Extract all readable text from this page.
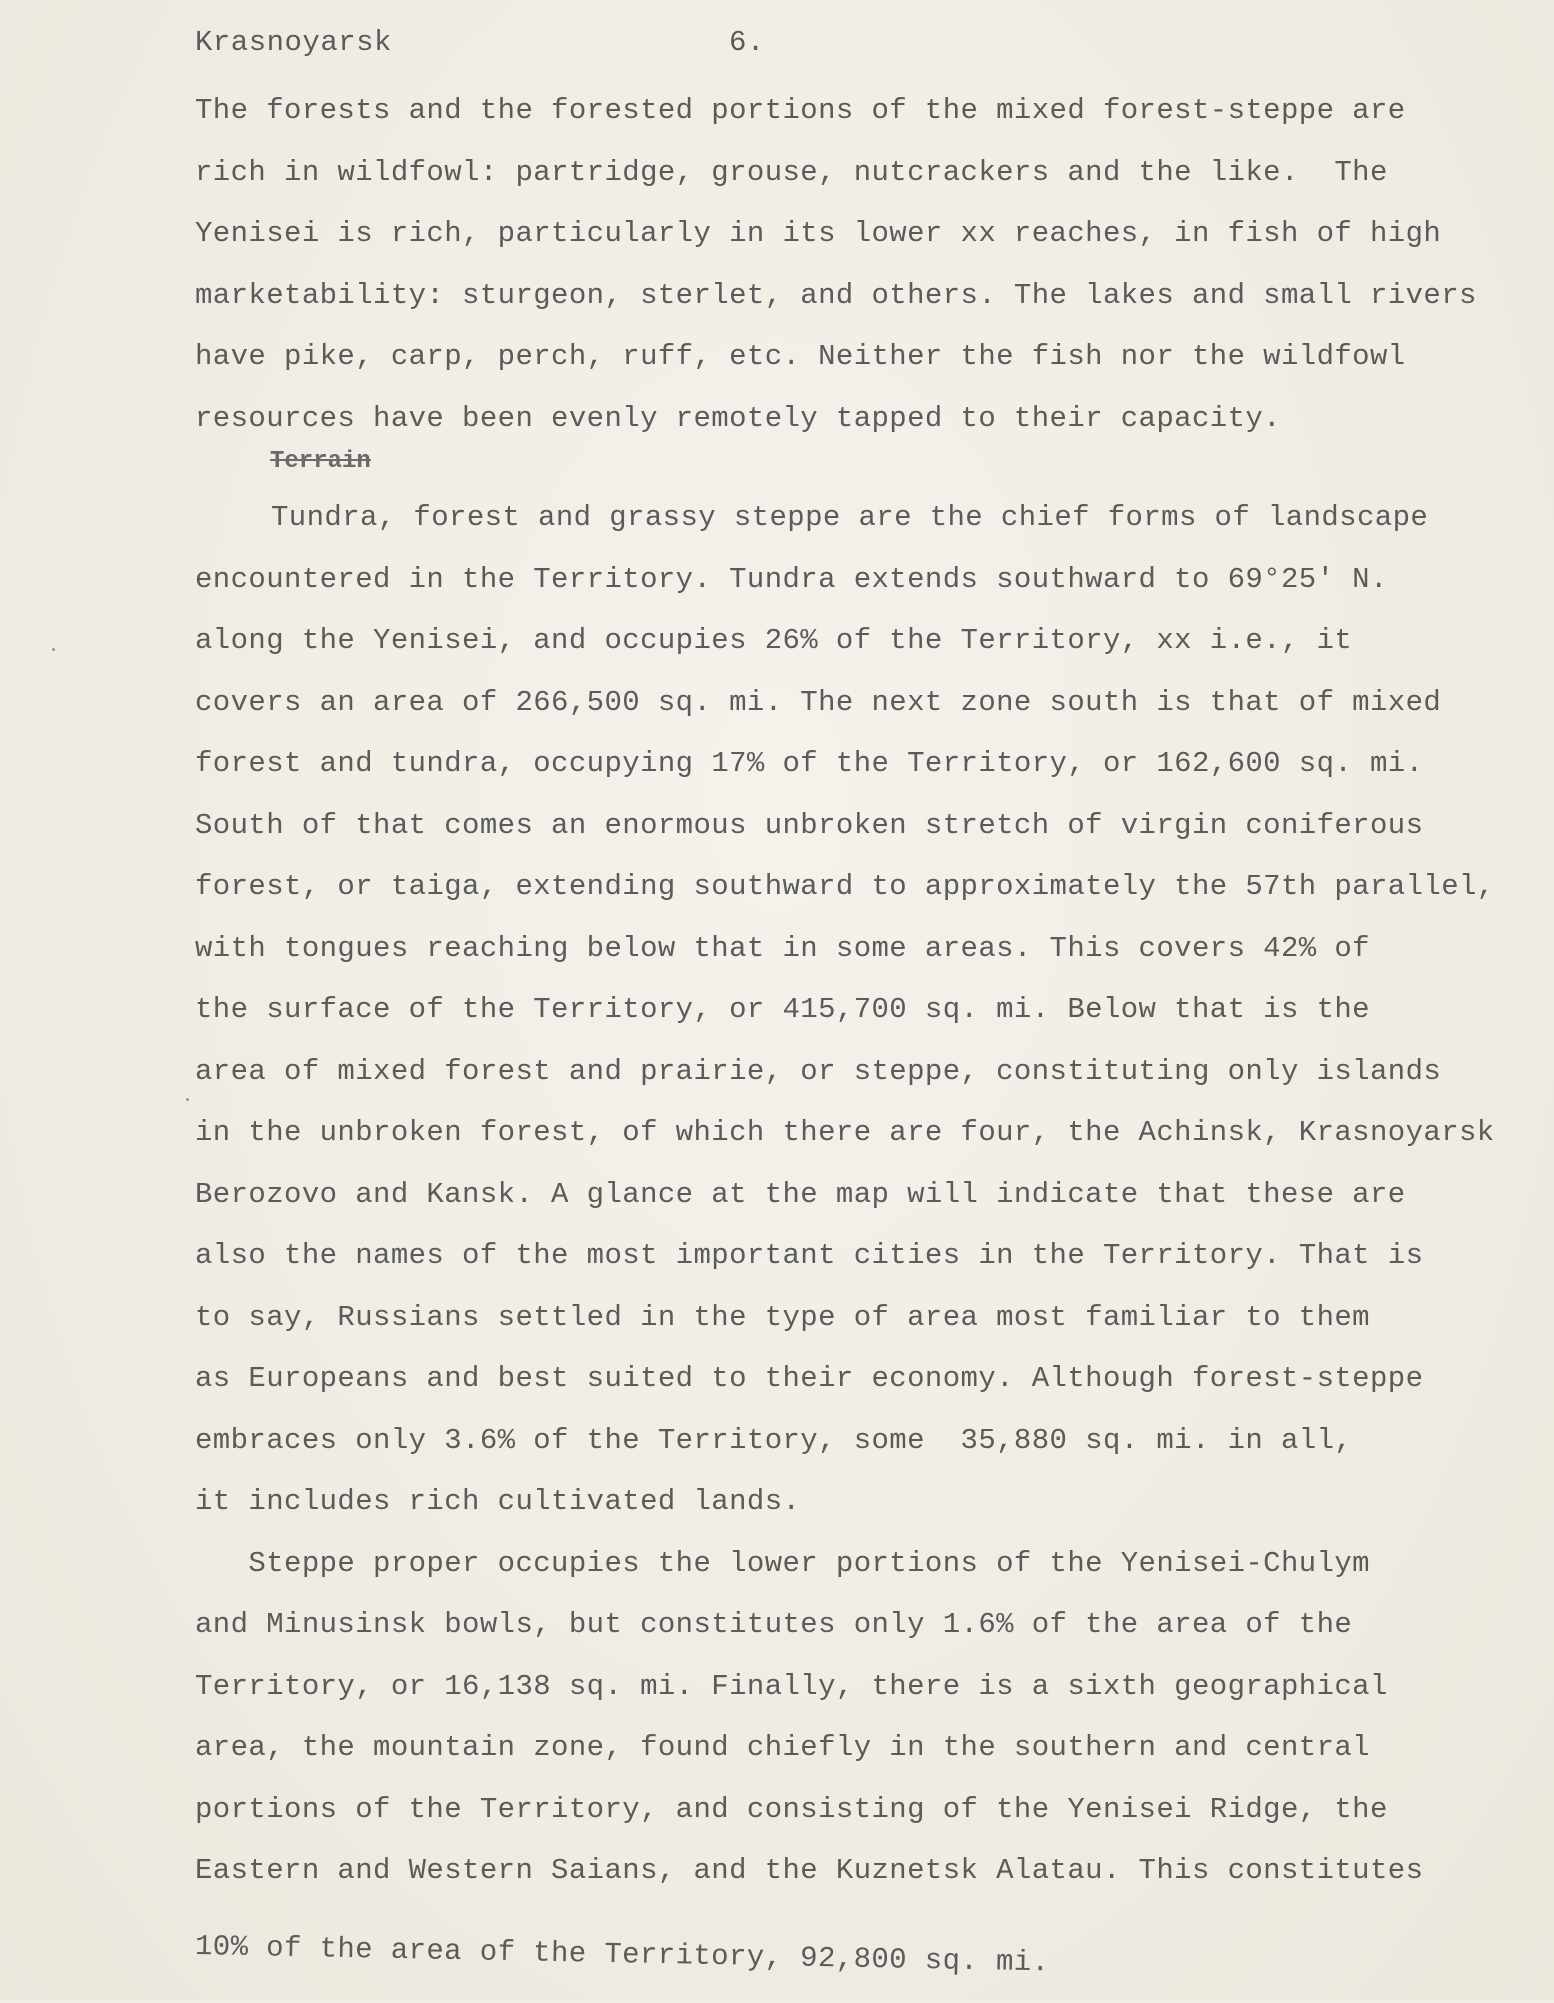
Krasnoyarsk	6.
Terrain
The forests and the forested portions of the mixed forest-steppe are
rich in wildfowl: partridge, grouse, nutcrackers and the like.  The
Yenisei is rich, particularly in its lower xx reaches, in fish of high
marketability: sturgeon, sterlet, and others. The lakes and small rivers
have pike, carp, perch, ruff, etc. Neither the fish nor the wildfowl
resources have been evenly remotely tapped to their capacity.
Tundra, forest and grassy steppe are the chief forms of landscape
encountered in the Territory. Tundra extends southward to 69°25' N.
along the Yenisei, and occupies 26% of the Territory, xx i.e., it
covers an area of 266,500 sq. mi. The next zone south is that of mixed
forest and tundra, occupying 17% of the Territory, or 162,600 sq. mi.
South of that comes an enormous unbroken stretch of virgin coniferous
forest, or taiga, extending southward to approximately the 57th parallel,
with tongues reaching below that in some areas. This covers 42% of
the surface of the Territory, or 415,700 sq. mi. Below that is the
area of mixed forest and prairie, or steppe, constituting only islands
in the unbroken forest, of which there are four, the Achinsk, Krasnoyarsk
Berozovo and Kansk. A glance at the map will indicate that these are
also the names of the most important cities in the Territory. That is
to say, Russians settled in the type of area most familiar to them
as Europeans and best suited to their economy. Although forest-steppe
embraces only 3.6% of the Territory, some  35,880 sq. mi. in all,
it includes rich cultivated lands.
Steppe proper occupies the lower portions of the Yenisei-Chulym
and Minusinsk bowls, but constitutes only 1.6% of the area of the
Territory, or 16,138 sq. mi. Finally, there is a sixth geographical
area, the mountain zone, found chiefly in the southern and central
portions of the Territory, and consisting of the Yenisei Ridge, the
Eastern and Western Saians, and the Kuznetsk Alatau. This constitutes
10% of the area of the Territory, 92,800 sq. mi.
